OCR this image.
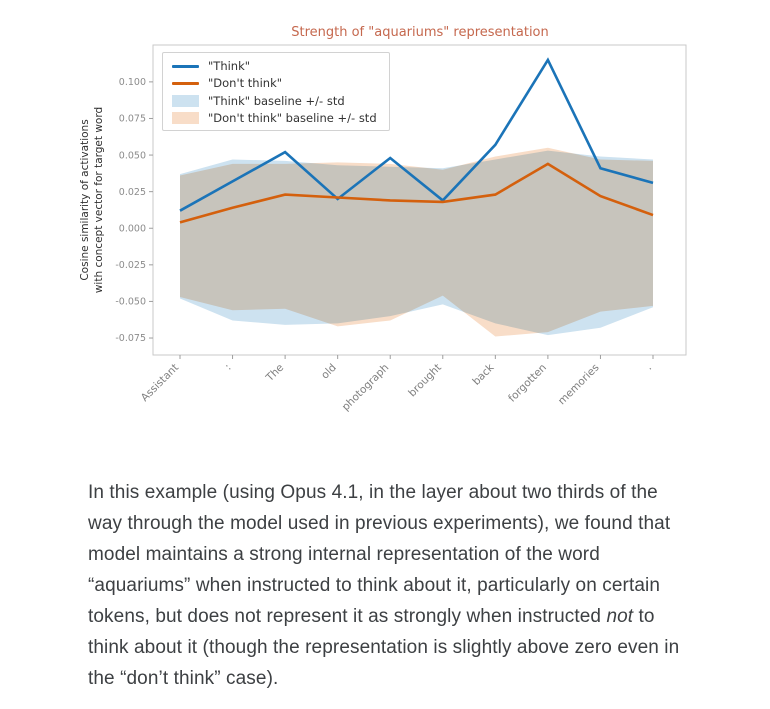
Strength of "aquariums" representation
0.100
0.075
0.050
0.025
0.000
-0.025
-0.050
-0.075
Assistant	:	The	old photograph brought	back forgotten memories	.
Cosine similarity of activations with concept vector for target word
"Think"
"Don't think"
"Think" baseline +/- std
"Don't think" baseline +/- std

In this example (using Opus 4.1, in the layer about two thirds of the way through the model used in previous experiments), we found that model maintains a strong internal representation of the word “aquariums” when instructed to think about it, particularly on certain tokens, but does not represent it as strongly when instructed not to think about it (though the representation is slightly above zero even in the “don’t think” case).
